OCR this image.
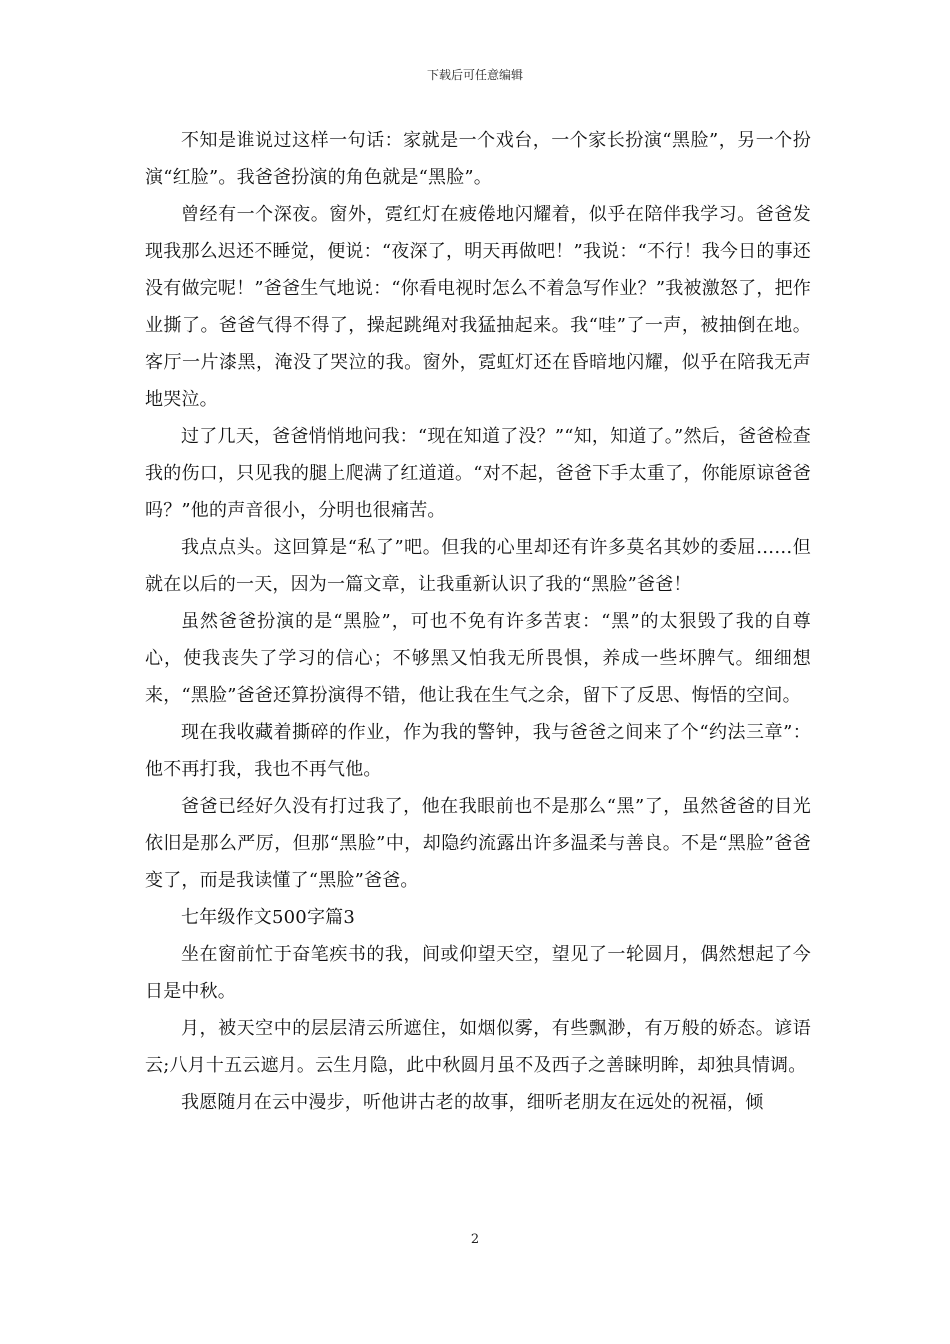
下载后可任意编辑

不知是谁说过这样一句话：家就是一个戏台，一个家长扮演“黑脸”，另一个扮演“红脸”。我爸爸扮演的角色就是“黑脸”。

曾经有一个深夜。窗外，霓红灯在疲倦地闪耀着，似乎在陪伴我学习。爸爸发现我那么迟还不睡觉，便说：“夜深了，明天再做吧！”我说：“不行！我今日的事还没有做完呢！”爸爸生气地说：“你看电视时怎么不着急写作业？”我被激怒了，把作业撕了。爸爸气得不得了，操起跳绳对我猛抽起来。我“哇”了一声，被抽倒在地。客厅一片漆黑，淹没了哭泣的我。窗外，霓虹灯还在昏暗地闪耀，似乎在陪我无声地哭泣。

过了几天，爸爸悄悄地问我：“现在知道了没？”“知，知道了。”然后，爸爸检查我的伤口，只见我的腿上爬满了红道道。“对不起，爸爸下手太重了，你能原谅爸爸吗？”他的声音很小，分明也很痛苦。

我点点头。这回算是“私了”吧。但我的心里却还有许多莫名其妙的委屈……但就在以后的一天，因为一篇文章，让我重新认识了我的“黑脸”爸爸！

虽然爸爸扮演的是“黑脸”，可也不免有许多苦衷：“黑”的太狠毁了我的自尊心，使我丧失了学习的信心；不够黑又怕我无所畏惧，养成一些坏脾气。细细想来，“黑脸”爸爸还算扮演得不错，他让我在生气之余，留下了反思、悔悟的空间。

现在我收藏着撕碎的作业，作为我的警钟，我与爸爸之间来了个“约法三章”：他不再打我，我也不再气他。

爸爸已经好久没有打过我了，他在我眼前也不是那么“黑”了，虽然爸爸的目光依旧是那么严厉，但那“黑脸”中，却隐约流露出许多温柔与善良。不是“黑脸”爸爸变了，而是我读懂了“黑脸”爸爸。

七年级作文500字篇3

坐在窗前忙于奋笔疾书的我，间或仰望天空，望见了一轮圆月，偶然想起了今日是中秋。

月，被天空中的层层清云所遮住，如烟似雾，有些飘渺，有万般的娇态。谚语云;八月十五云遮月。云生月隐，此中秋圆月虽不及西子之善睐明眸，却独具情调。

我愿随月在云中漫步，听他讲古老的故事，细听老朋友在远处的祝福，倾

2
